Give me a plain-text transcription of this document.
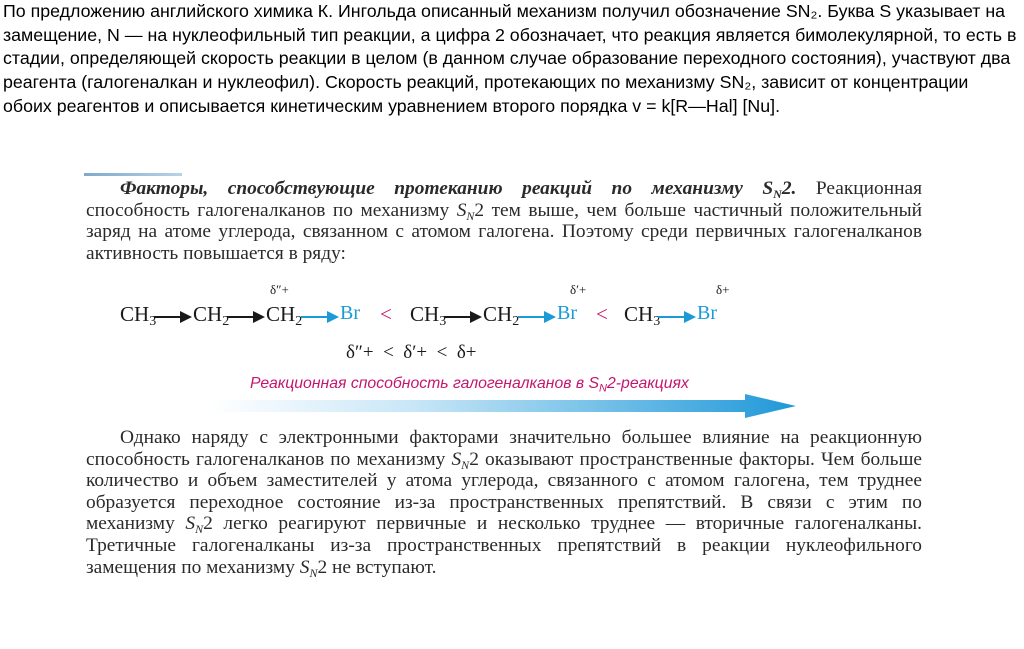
По предложению английского химика К. Ингольда описанный механизм получил обозначение SN₂. Буква S указывает на замещение, N — на нуклеофильный тип реакции, а цифра 2 обозначает, что реакция является бимолекулярной, то есть в стадии, определяющей скорость реакции в целом (в данном случае образование переходного состояния), участвуют два реагента (галогеналкан и нуклеофил). Скорость реакций, протекающих по механизму SN₂, зависит от концентрации обоих реагентов и описывается кинетическим уравнением второго порядка v = k[R—Hal] [Nu].

Факторы, способствующие протеканию реакций по механизму $S_N2$. Реакционная способность галогеналканов по механизму $S_N2$ тем выше, чем больше частичный положительный заряд на атоме углерода, связанном с атомом галогена. Поэтому среди первичных галогеналканов активность повышается в ряду:

$CH_3$ $CH_2$
δ″+
$CH_2$ $Br < CH_3$
δ′+
$CH_2$ Br <
δ+
$CH_3$ Br
δ″+  <  δ′+  <  δ+
Реакционная способность галогеналканов в $S_N2$-реакциях

Однако наряду с электронными факторами значительно большее влияние на реакционную способность галогеналканов по механизму $S_N2$ оказывают пространственные факторы. Чем больше количество и объем заместителей у атома углерода, связанного с атомом галогена, тем труднее образуется переходное состояние из-за пространственных препятствий. В связи с этим по механизму $S_N2$ легко реагируют первичные и несколько труднее — вторичные галогеналканы. Третичные галогеналканы из-за пространственных препятствий в реакции нуклеофильного замещения по механизму $S_N2$ не вступают.
